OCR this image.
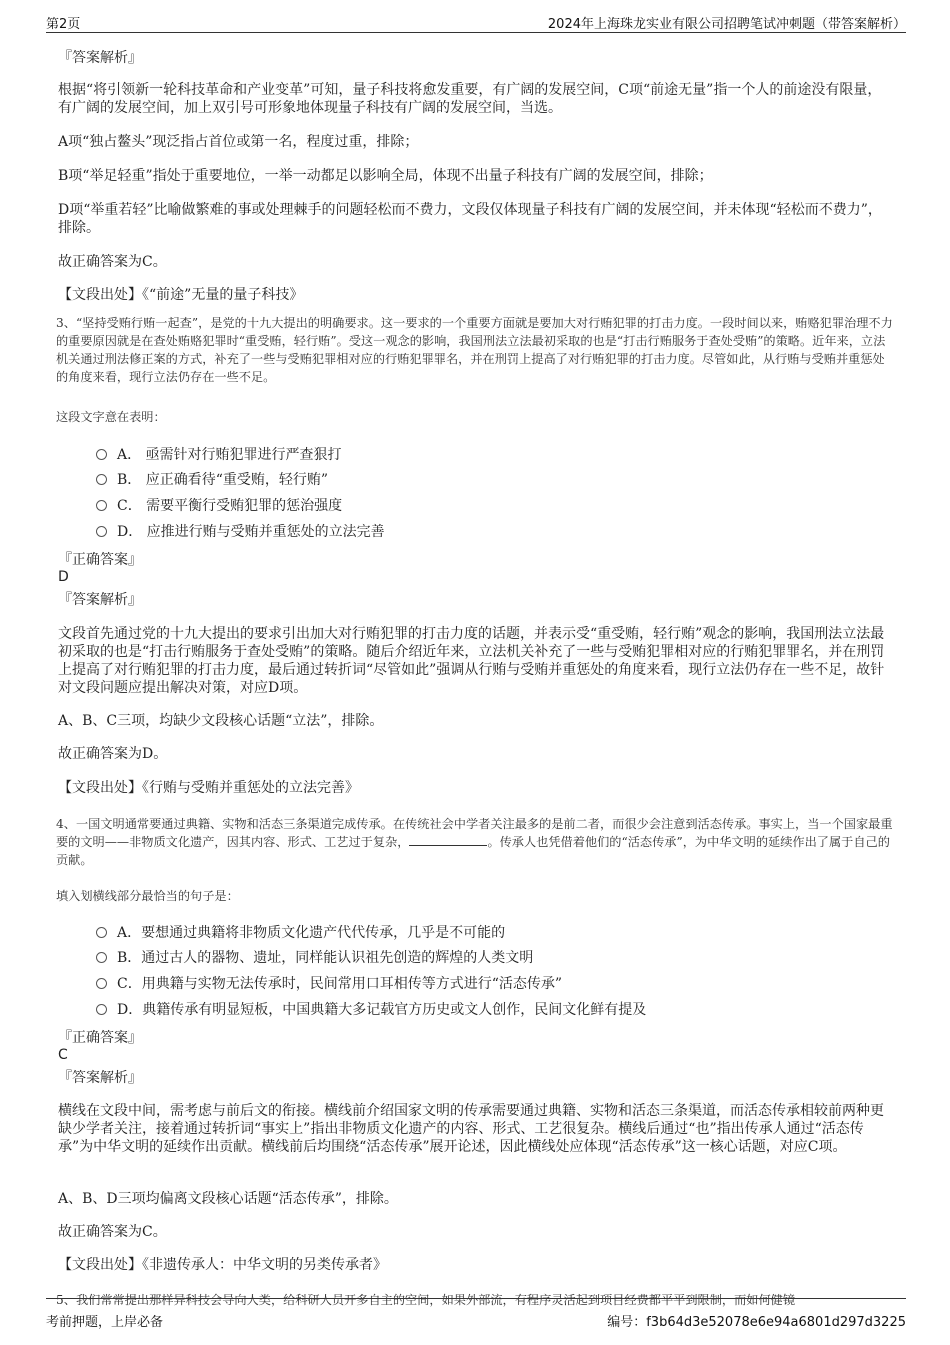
第2页	2024年上海珠龙实业有限公司招聘笔试冲刺题（带答案解析）
『答案解析』
根据“将引领新一轮科技革命和产业变革”可知，量子科技将愈发重要，有广阔的发展空间，C项“前途无量”指一个人的前途没有限量，有广阔的发展空间，加上双引号可形象地体现量子科技有广阔的发展空间，当选。
A项“独占鳌头”现泛指占首位或第一名，程度过重，排除；
B项“举足轻重”指处于重要地位，一举一动都足以影响全局，体现不出量子科技有广阔的发展空间，排除；
D项“举重若轻”比喻做繁难的事或处理棘手的问题轻松而不费力，文段仅体现量子科技有广阔的发展空间，并未体现“轻松而不费力”，排除。
故正确答案为C。
【文段出处】《“前途”无量的量子科技》
3、“坚持受贿行贿一起查”，是党的十九大提出的明确要求。这一要求的一个重要方面就是要加大对行贿犯罪的打击力度。一段时间以来，贿赂犯罪治理不力的重要原因就是在查处贿赂犯罪时“重受贿，轻行贿”。受这一观念的影响，我国刑法立法最初采取的也是“打击行贿服务于查处受贿”的策略。近年来，立法机关通过刑法修正案的方式，补充了一些与受贿犯罪相对应的行贿犯罪罪名，并在刑罚上提高了对行贿犯罪的打击力度。尽管如此，从行贿与受贿并重惩处的角度来看，现行立法仍存在一些不足。
这段文字意在表明：
A． 亟需针对行贿犯罪进行严查狠打
B． 应正确看待“重受贿，轻行贿”
C． 需要平衡行受贿犯罪的惩治强度
D． 应推进行贿与受贿并重惩处的立法完善
『正确答案』
D
『答案解析』
文段首先通过党的十九大提出的要求引出加大对行贿犯罪的打击力度的话题，并表示受“重受贿，轻行贿”观念的影响，我国刑法立法最初采取的也是“打击行贿服务于查处受贿”的策略。随后介绍近年来，立法机关补充了一些与受贿犯罪相对应的行贿犯罪罪名，并在刑罚上提高了对行贿犯罪的打击力度，最后通过转折词“尽管如此”强调从行贿与受贿并重惩处的角度来看，现行立法仍存在一些不足，故针对文段问题应提出解决对策，对应D项。
A、B、C三项，均缺少文段核心话题“立法”，排除。
故正确答案为D。
【文段出处】《行贿与受贿并重惩处的立法完善》
4、一国文明通常要通过典籍、实物和活态三条渠道完成传承。在传统社会中学者关注最多的是前二者，而很少会注意到活态传承。事实上，当一个国家最重要的文明——非物质文化遗产，因其内容、形式、工艺过于复杂，	。传承人也凭借着他们的“活态传承”，为中华文明的延续作出了属于自己的贡献。
填入划横线部分最恰当的句子是：
A．要想通过典籍将非物质文化遗产代代传承，几乎是不可能的
B．通过古人的器物、遗址，同样能认识祖先创造的辉煌的人类文明
C．用典籍与实物无法传承时，民间常用口耳相传等方式进行“活态传承”
D．典籍传承有明显短板，中国典籍大多记载官方历史或文人创作，民间文化鲜有提及
『正确答案』
C
『答案解析』
横线在文段中间，需考虑与前后文的衔接。横线前介绍国家文明的传承需要通过典籍、实物和活态三条渠道，而活态传承相较前两种更缺少学者关注，接着通过转折词“事实上”指出非物质文化遗产的内容、形式、工艺很复杂。横线后通过“也”指出传承人通过“活态传承”为中华文明的延续作出贡献。横线前后均围绕“活态传承”展开论述，因此横线处应体现“活态传承”这一核心话题，对应C项。
A、B、D三项均偏离文段核心话题“活态传承”，排除。
故正确答案为C。
【文段出处】《非遗传承人：中华文明的另类传承者》
5、我们常常提出那样异科技会导向人类，给科研人员开多自主的空间，如果外部流，有程序灵活起到项目经费都平平到限制，而如何健镜
考前押题，上岸必备	编号：f3b64d3e52078e6e94a6801d297d3225
